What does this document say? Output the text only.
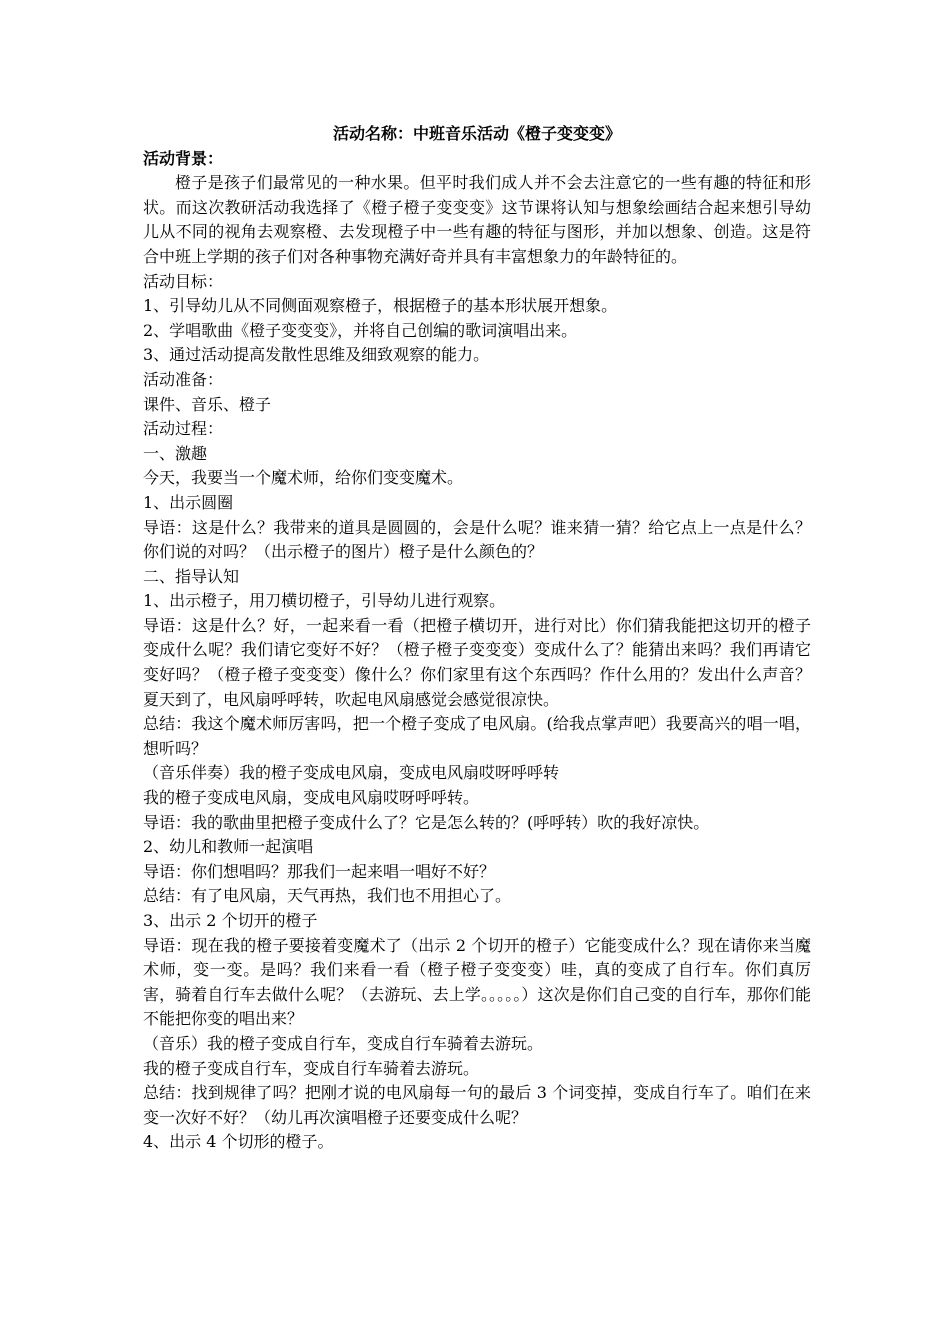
活动名称：中班音乐活动《橙子变变变》

活动背景：

橙子是孩子们最常见的一种水果。但平时我们成人并不会去注意它的一些有趣的特征和形状。而这次教研活动我选择了《橙子橙子变变变》这节课将认知与想象绘画结合起来想引导幼儿从不同的视角去观察橙、去发现橙子中一些有趣的特征与图形，并加以想象、创造。这是符合中班上学期的孩子们对各种事物充满好奇并具有丰富想象力的年龄特征的。

活动目标：

1、引导幼儿从不同侧面观察橙子，根据橙子的基本形状展开想象。

2、学唱歌曲《橙子变变变》，并将自己创编的歌词演唱出来。

3、通过活动提高发散性思维及细致观察的能力。

活动准备：

课件、音乐、橙子

活动过程：

一、激趣

今天，我要当一个魔术师，给你们变变魔术。

1、出示圆圈

导语：这是什么？我带来的道具是圆圆的，会是什么呢？谁来猜一猜？给它点上一点是什么？你们说的对吗？（出示橙子的图片）橙子是什么颜色的？

二、指导认知

1、出示橙子，用刀横切橙子，引导幼儿进行观察。

导语：这是什么？好，一起来看一看（把橙子横切开，进行对比）你们猜我能把这切开的橙子变成什么呢？我们请它变好不好？（橙子橙子变变变）变成什么了？能猜出来吗？我们再请它变好吗？（橙子橙子变变变）像什么？你们家里有这个东西吗？作什么用的？发出什么声音？夏天到了，电风扇呼呼转，吹起电风扇感觉会感觉很凉快。

总结：我这个魔术师厉害吗，把一个橙子变成了电风扇。(给我点掌声吧）我要高兴的唱一唱，想听吗？

（音乐伴奏）我的橙子变成电风扇，变成电风扇哎呀呼呼转

我的橙子变成电风扇，变成电风扇哎呀呼呼转。

导语：我的歌曲里把橙子变成什么了？它是怎么转的？(呼呼转）吹的我好凉快。

2、幼儿和教师一起演唱

导语：你们想唱吗？那我们一起来唱一唱好不好？

总结：有了电风扇，天气再热，我们也不用担心了。

3、出示 2 个切开的橙子

导语：现在我的橙子要接着变魔术了（出示 2 个切开的橙子）它能变成什么？现在请你来当魔术师，变一变。是吗？我们来看一看（橙子橙子变变变）哇，真的变成了自行车。你们真厉害，骑着自行车去做什么呢？（去游玩、去上学。。。。。）这次是你们自己变的自行车，那你们能不能把你变的唱出来？

（音乐）我的橙子变成自行车，变成自行车骑着去游玩。

我的橙子变成自行车，变成自行车骑着去游玩。

总结：找到规律了吗？把刚才说的电风扇每一句的最后 3 个词变掉，变成自行车了。咱们在来变一次好不好？（幼儿再次演唱橙子还要变成什么呢？

4、出示 4 个切形的橙子。
